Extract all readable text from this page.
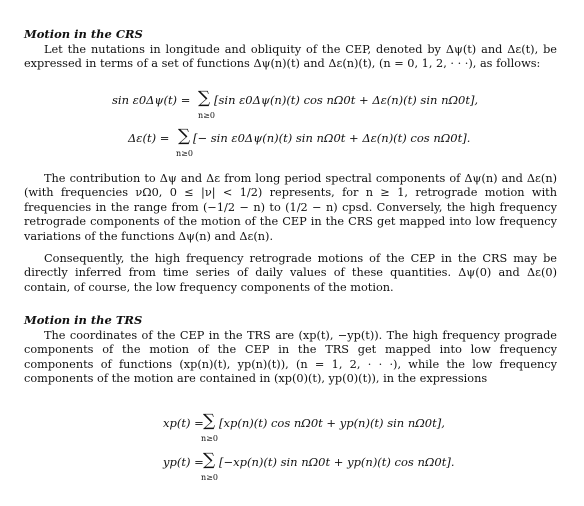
Motion in the CRS
Let the nutations in longitude and obliquity of the CEP, denoted by Δψ(t) and Δε(t), be expressed in terms of a set of functions Δψ(n)(t) and Δε(n)(t), (n = 0, 1, 2, · · ·), as follows:
sin ε0Δψ(t) = ∑
n≥0
[sin ε0Δψ(n)(t) cos nΩ0t + Δε(n)(t) sin nΩ0t],
Δε(t) = ∑
n≥0
[− sin ε0Δψ(n)(t) sin nΩ0t + Δε(n)(t) cos nΩ0t].
The contribution to Δψ and Δε from long period spectral components of Δψ(n) and Δε(n) (with frequencies νΩ0, 0 ≤ |ν| < 1/2) represents, for n ≥ 1, retrograde motion with frequencies in the range from (−1/2 − n) to (1/2 − n) cpsd. Conversely, the high frequency retrograde components of the motion of the CEP in the CRS get mapped into low frequency variations of the functions Δψ(n) and Δε(n).
Consequently, the high frequency retrograde motions of the CEP in the CRS may be directly inferred from time series of daily values of these quantities. Δψ(0) and Δε(0) contain, of course, the low frequency components of the motion.
Motion in the TRS
The coordinates of the CEP in the TRS are (xp(t), −yp(t)). The high frequency prograde components of the motion of the CEP in the TRS get mapped into low frequency components of functions (xp(n)(t), yp(n)(t)), (n = 1, 2, · · ·), while the low frequency components of the motion are contained in (xp(0)(t), yp(0)(t)), in the expressions
xp(t) = ∑
n≥0
[xp(n)(t) cos nΩ0t + yp(n)(t) sin nΩ0t],
yp(t) = ∑
n≥0
[−xp(n)(t) sin nΩ0t + yp(n)(t) cos nΩ0t].
